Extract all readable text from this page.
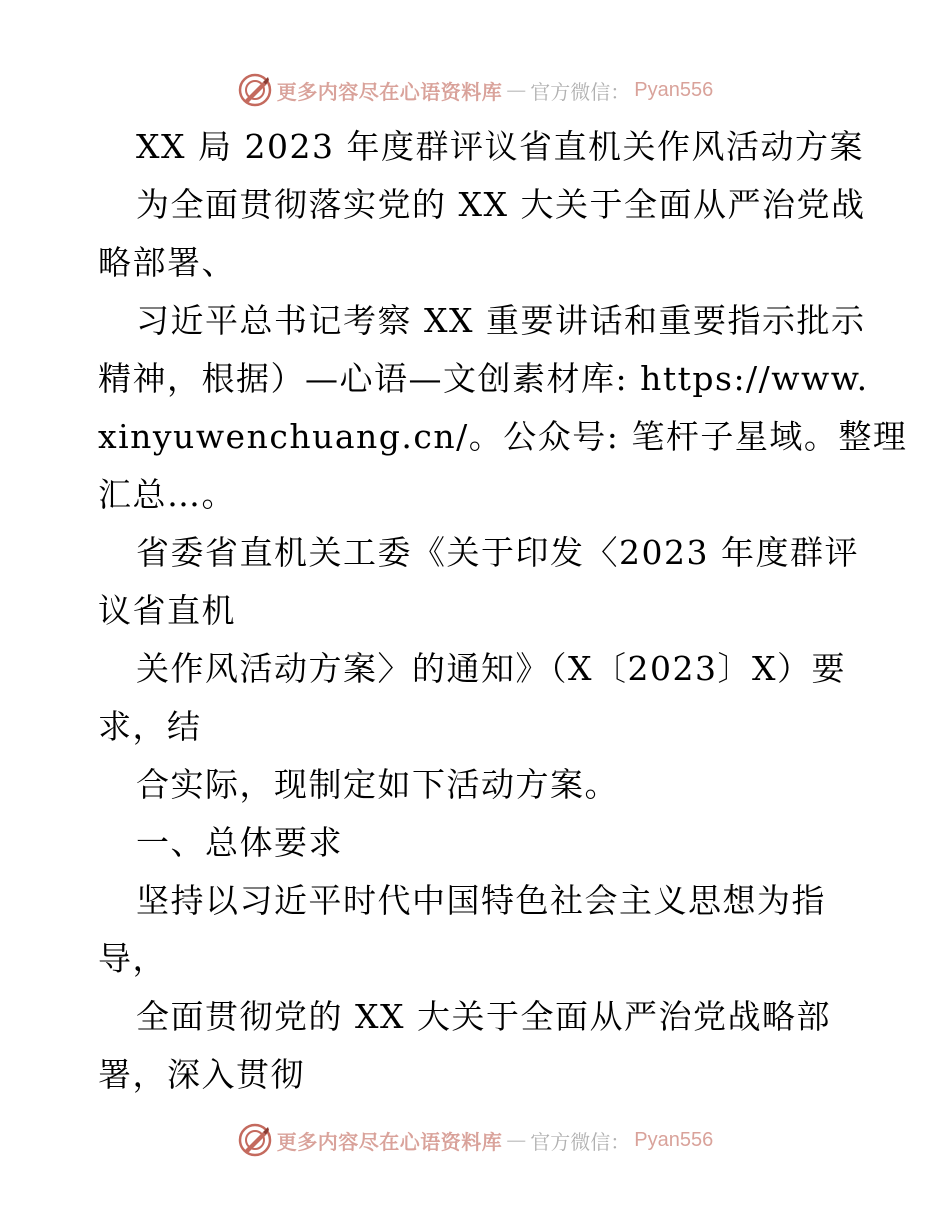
更多内容尽在心语资料库 — 官方微信： Pyan556
XX 局 2023 年度群评议省直机关作风活动方案
为全面贯彻落实党的 XX 大关于全面从严治党战
略部署、
习近平总书记考察 XX 重要讲话和重要指示批示
精神，根据）—心语—文创素材库: https://www.
xinyuwenchuang.cn/。公众号: 笔杆子星域。整理
汇总…。
省委省直机关工委《关于印发〈2023 年度群评
议省直机
关作风活动方案〉的通知》（X〔2023〕X）要
求，结
合实际，现制定如下活动方案。
一、总体要求
坚持以习近平时代中国特色社会主义思想为指
导，
全面贯彻党的 XX 大关于全面从严治党战略部
署，深入贯彻
更多内容尽在心语资料库 — 官方微信： Pyan556
